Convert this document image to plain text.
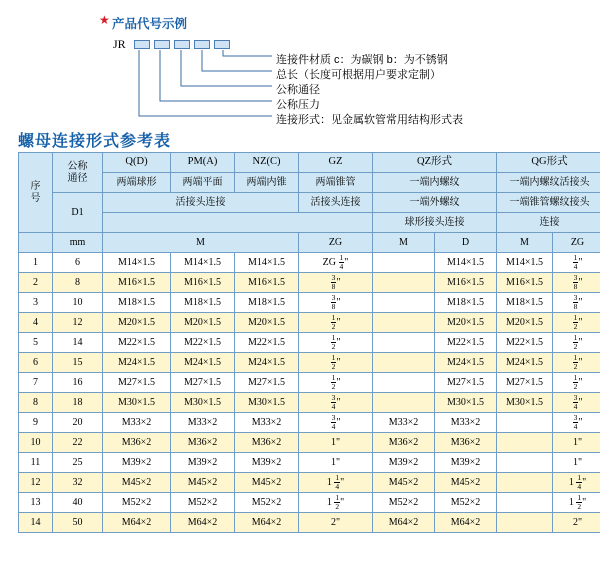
★ 产品代号示例
JR
连接件材质 c：为碳钢 b：为不锈钢
总长（长度可根据用户要求定制）
公称通径
公称压力
连接形式：见金属软管常用结构形式表
螺母连接形式参考表
序
号	公称
通径	Q(D)	PM(A)	NZ(C)	GZ	QZ形式		QG形式	
		两端球形	两端平面	两端内锥	两端锥管	一端内螺纹		一端内螺纹活接头	
	D1	活接头连接			活接头连接	一端外螺纹		一端锥管螺纹接头	
						球形接头连接		连接	
	mm	M			ZG	M	D	M	ZG
1	6	M14×1.5	M14×1.5	M14×1.5	ZG $\frac{1}{4}$ "		M14×1.5	M14×1.5	$\frac{1}{4}$ "
2	8	M16×1.5	M16×1.5	M16×1.5	$\frac{3}{8}$ "		M16×1.5	M16×1.5	$\frac{3}{8}$ "
3	10	M18×1.5	M18×1.5	M18×1.5	$\frac{3}{8}$ "		M18×1.5	M18×1.5	$\frac{3}{8}$ "
4	12	M20×1.5	M20×1.5	M20×1.5	$\frac{1}{2}$ "		M20×1.5	M20×1.5	$\frac{1}{2}$ "
5	14	M22×1.5	M22×1.5	M22×1.5	$\frac{1}{2}$ "		M22×1.5	M22×1.5	$\frac{1}{2}$ "
6	15	M24×1.5	M24×1.5	M24×1.5	$\frac{1}{2}$ "		M24×1.5	M24×1.5	$\frac{1}{2}$ "
7	16	M27×1.5	M27×1.5	M27×1.5	$\frac{1}{2}$ "		M27×1.5	M27×1.5	$\frac{1}{2}$ "
8	18	M30×1.5	M30×1.5	M30×1.5	$\frac{3}{4}$ "		M30×1.5	M30×1.5	$\frac{3}{4}$ "
9	20	M33×2	M33×2	M33×2	$\frac{3}{4}$ "	M33×2	M33×2		$\frac{3}{4}$ "
10	22	M36×2	M36×2	M36×2	1"	M36×2	M36×2		1"
11	25	M39×2	M39×2	M39×2	1"	M39×2	M39×2		1"
12	32	M45×2	M45×2	M45×2	$1 \frac{1}{4}$ "	M45×2	M45×2		$1 \frac{1}{4}$ "
13	40	M52×2	M52×2	M52×2	$1 \frac{1}{2}$ "	M52×2	M52×2		$1 \frac{1}{2}$ "
14	50	M64×2	M64×2	M64×2	2"	M64×2	M64×2		2"
